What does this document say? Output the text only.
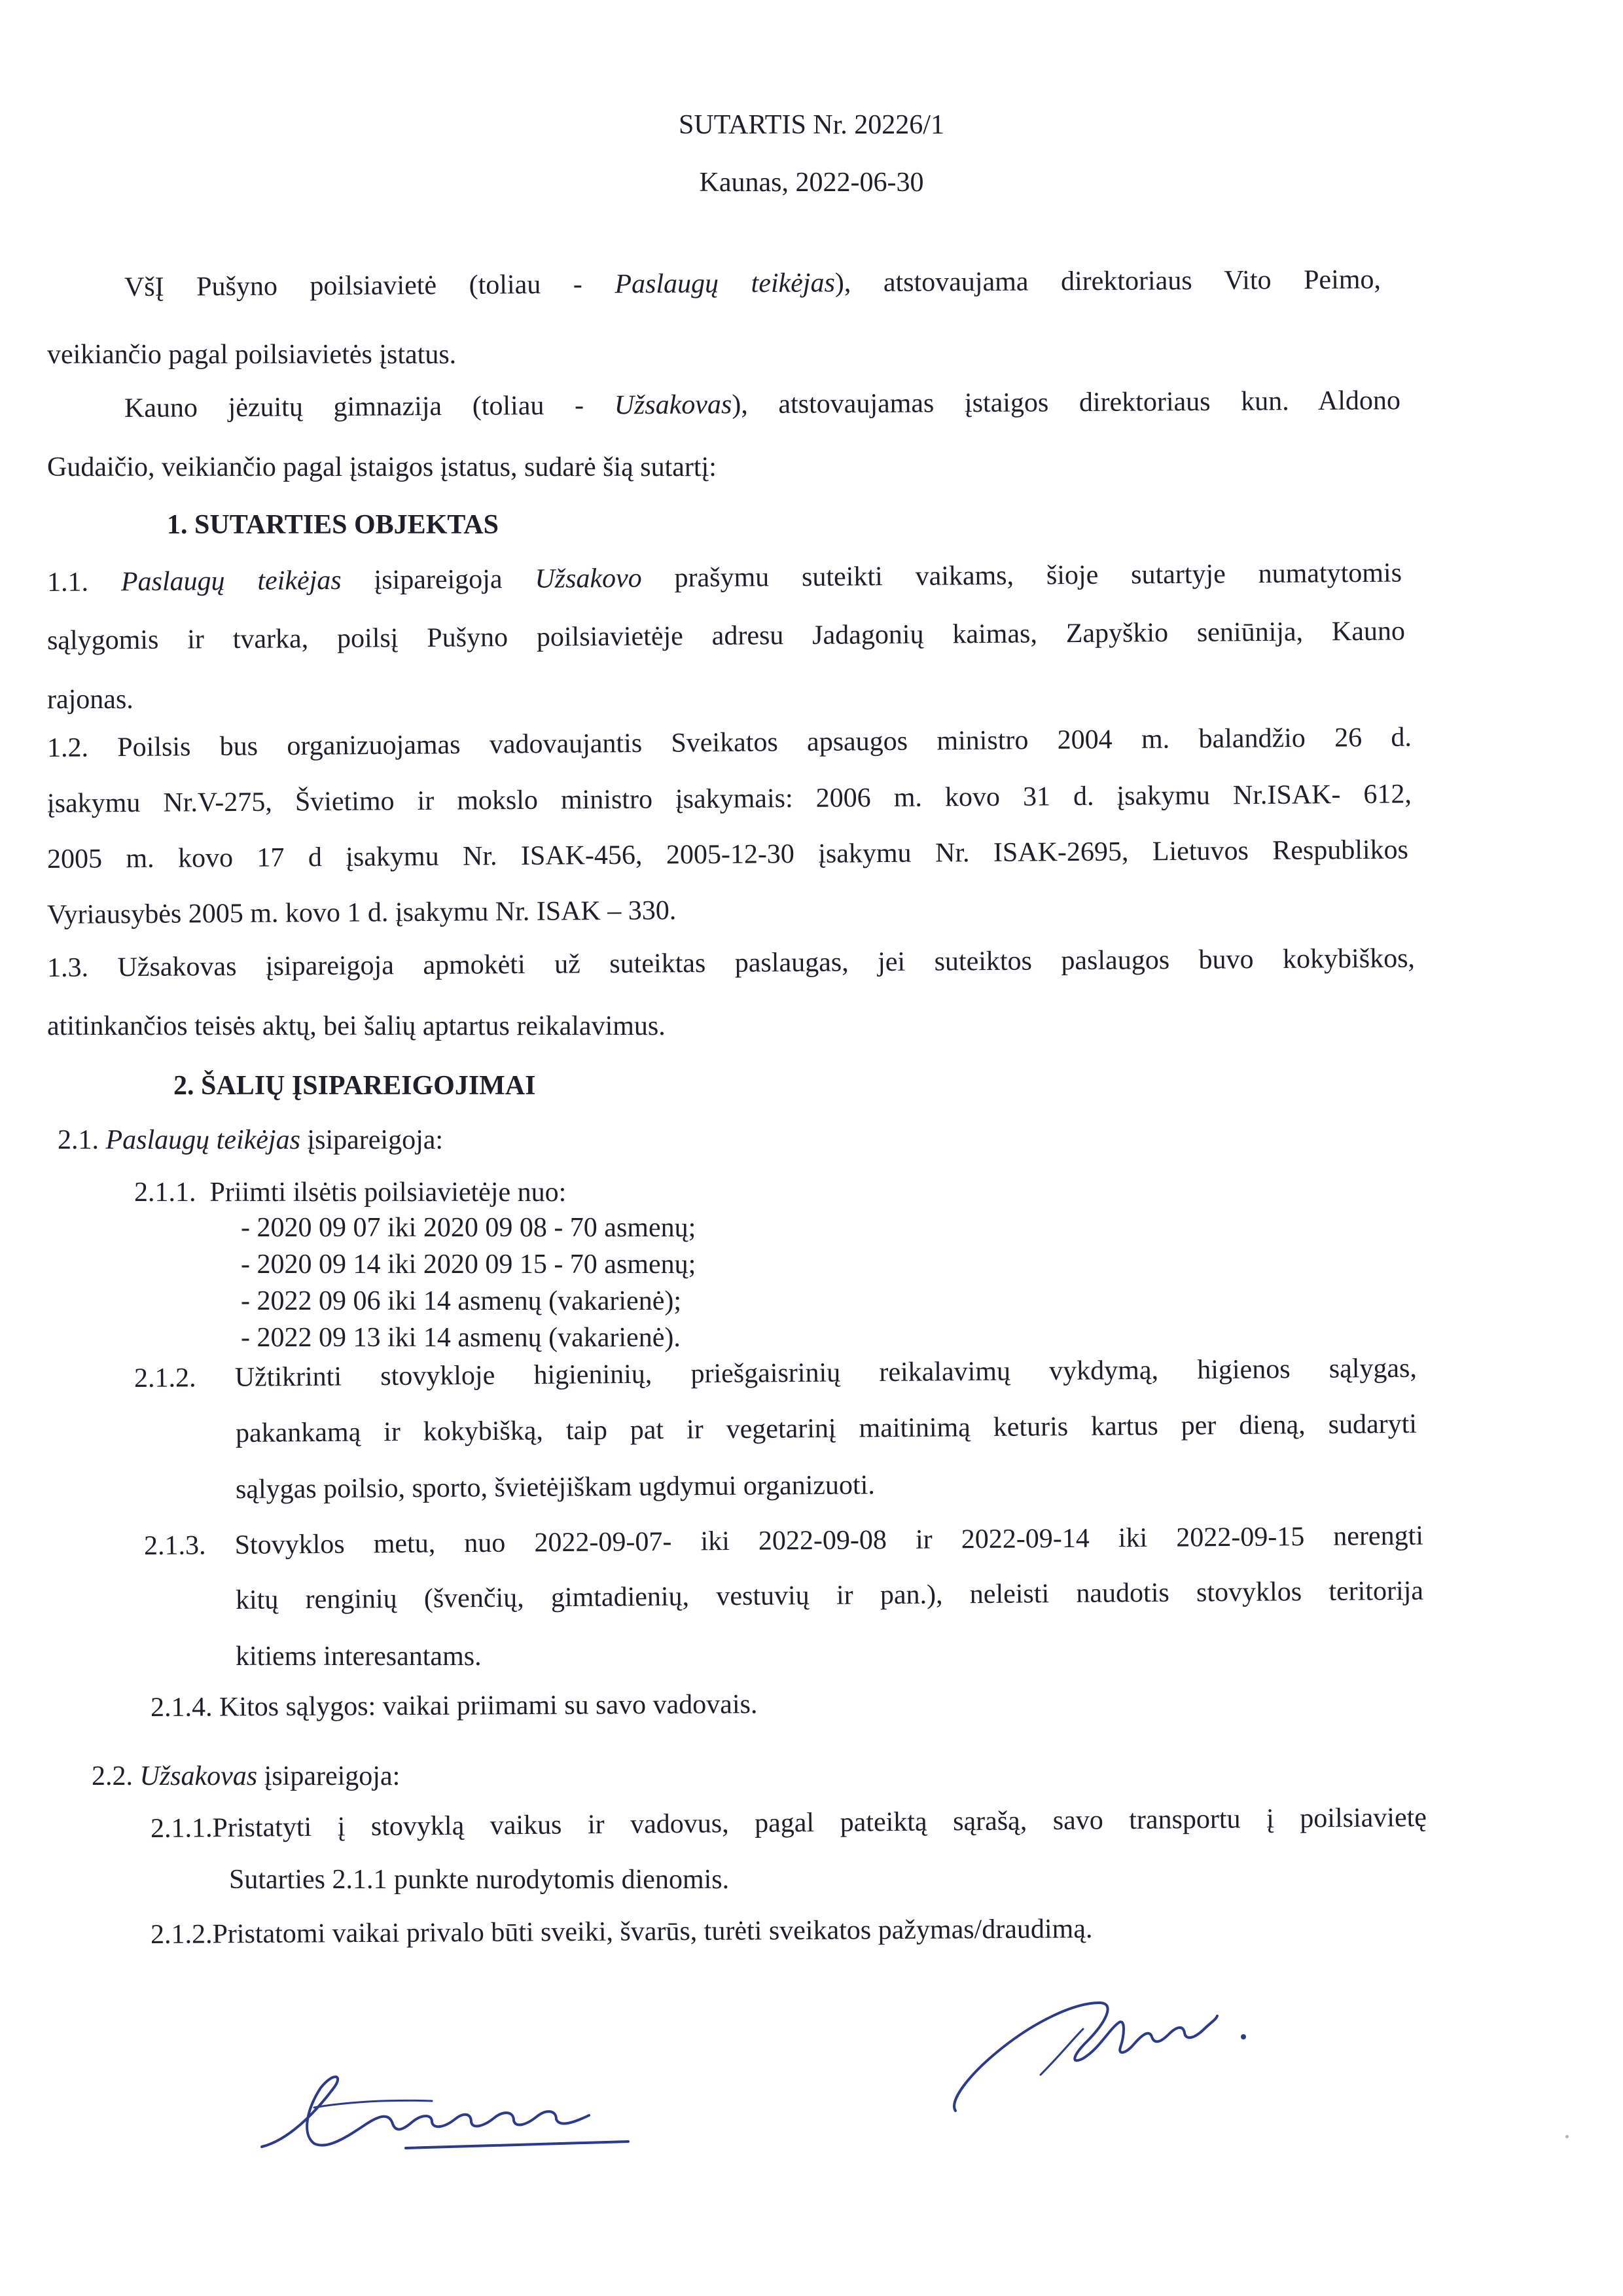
SUTARTIS Nr. 20226/1
Kaunas, 2022-06-30
VšĮ Pušyno poilsiavietė (toliau - Paslaugų teikėjas), atstovaujama direktoriaus Vito Peimo,
veikiančio pagal poilsiavietės įstatus.
Kauno jėzuitų gimnazija (toliau - Užsakovas), atstovaujamas įstaigos direktoriaus kun. Aldono
Gudaičio, veikiančio pagal įstaigos įstatus, sudarė šią sutartį:
1. SUTARTIES OBJEKTAS
1.1. Paslaugų teikėjas įsipareigoja Užsakovo prašymu suteikti vaikams, šioje sutartyje numatytomis
sąlygomis ir tvarka, poilsį Pušyno poilsiavietėje adresu Jadagonių kaimas, Zapyškio seniūnija, Kauno
rajonas.
1.2. Poilsis bus organizuojamas vadovaujantis Sveikatos apsaugos ministro 2004 m. balandžio 26 d.
įsakymu Nr.V-275, Švietimo ir mokslo ministro įsakymais: 2006 m. kovo 31 d. įsakymu Nr.ISAK- 612,
2005 m. kovo 17 d įsakymu Nr. ISAK-456, 2005-12-30 įsakymu Nr. ISAK-2695, Lietuvos Respublikos
Vyriausybės 2005 m. kovo 1 d. įsakymu Nr. ISAK – 330.
1.3. Užsakovas įsipareigoja apmokėti už suteiktas paslaugas, jei suteiktos paslaugos buvo kokybiškos,
atitinkančios teisės aktų, bei šalių aptartus reikalavimus.
2. ŠALIŲ ĮSIPAREIGOJIMAI
2.1. Paslaugų teikėjas įsipareigoja:
2.1.1. Priimti ilsėtis poilsiavietėje nuo:
- 2020 09 07 iki 2020 09 08 - 70 asmenų;
- 2020 09 14 iki 2020 09 15 - 70 asmenų;
- 2022 09 06 iki 14 asmenų (vakarienė);
- 2022 09 13 iki 14 asmenų (vakarienė).
2.1.2. Užtikrinti stovykloje higieninių, priešgaisrinių reikalavimų vykdymą, higienos sąlygas,
pakankamą ir kokybišką, taip pat ir vegetarinį maitinimą keturis kartus per dieną, sudaryti
sąlygas poilsio, sporto, švietėjiškam ugdymui organizuoti.
2.1.3. Stovyklos metu, nuo 2022-09-07- iki 2022-09-08 ir 2022-09-14 iki 2022-09-15 nerengti
kitų renginių (švenčių, gimtadienių, vestuvių ir pan.), neleisti naudotis stovyklos teritorija
kitiems interesantams.
2.1.4. Kitos sąlygos: vaikai priimami su savo vadovais.
2.2. Užsakovas įsipareigoja:
2.1.1.Pristatyti į stovyklą vaikus ir vadovus, pagal pateiktą sąrašą, savo transportu į poilsiavietę
Sutarties 2.1.1 punkte nurodytomis dienomis.
2.1.2.Pristatomi vaikai privalo būti sveiki, švarūs, turėti sveikatos pažymas/draudimą.
